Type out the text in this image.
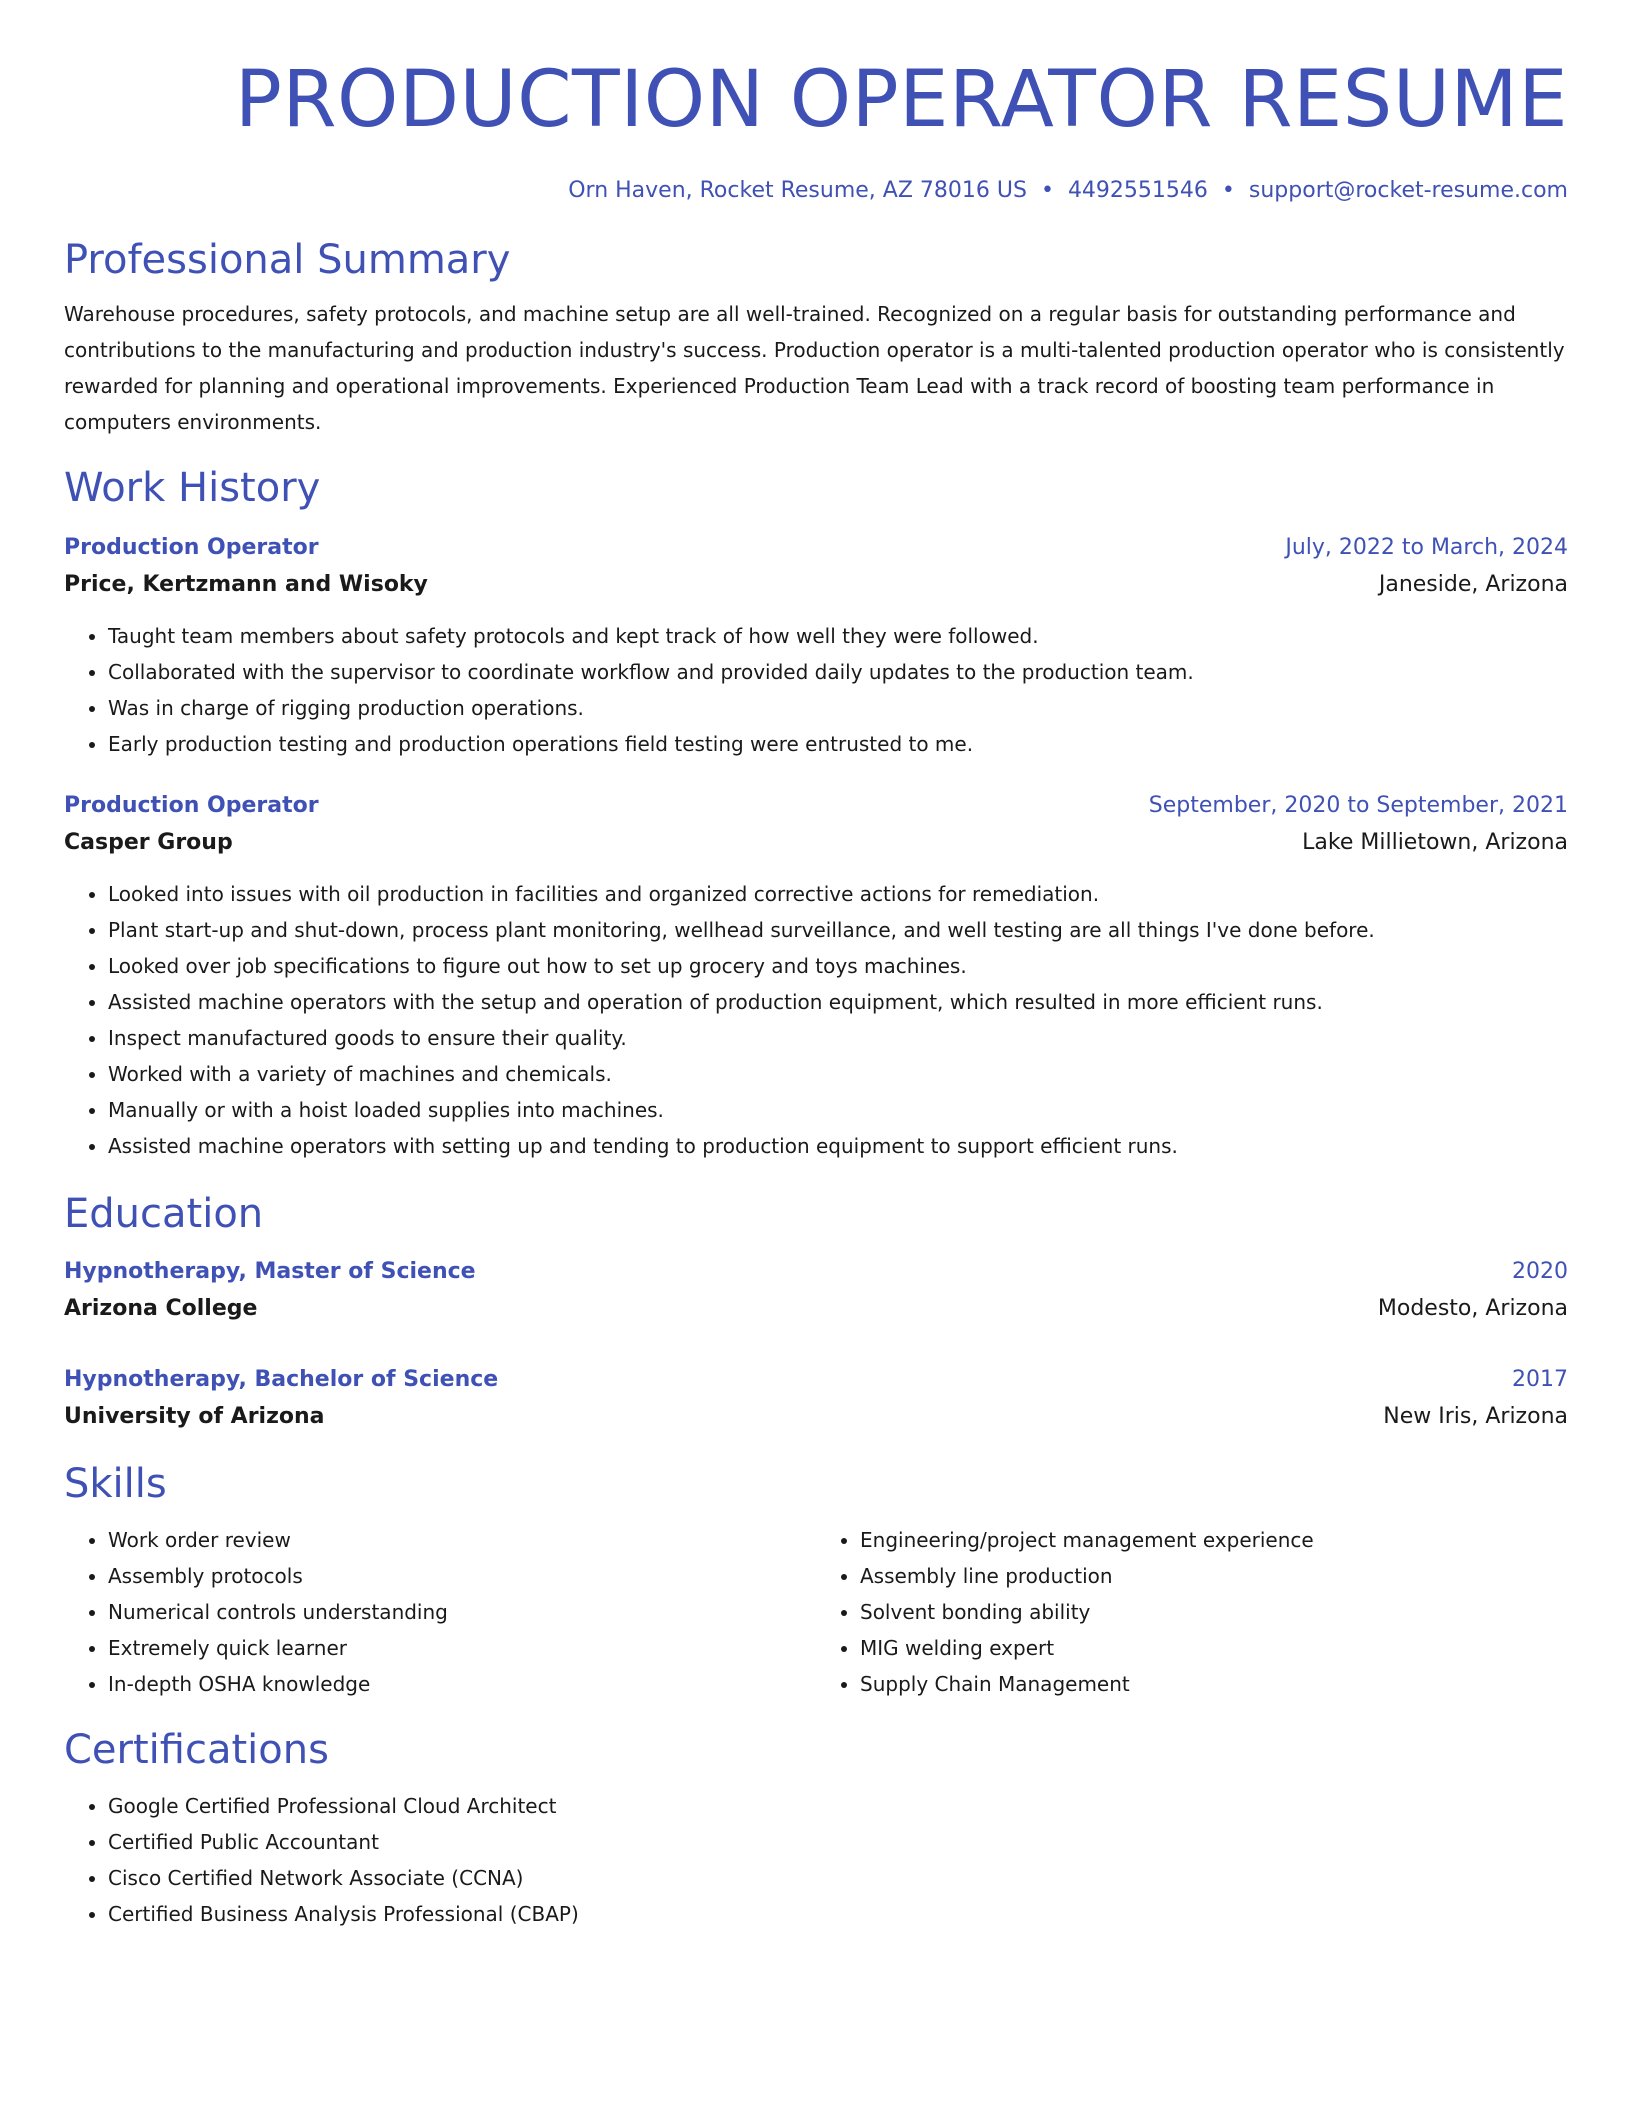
PRODUCTION OPERATOR RESUME
Orn Haven, Rocket Resume, AZ 78016 US • 4492551546 • support@rocket-resume.com
Professional Summary

Warehouse procedures, safety protocols, and machine setup are all well-trained. Recognized on a regular basis for outstanding performance and contributions to the manufacturing and production industry's success. Production operator is a multi-talented production operator who is consistently rewarded for planning and operational improvements. Experienced Production Team Lead with a track record of boosting team performance in computers environments.

Work History
Production Operator	July, 2022 to March, 2024
Price, Kertzmann and Wisoky	Janeside, Arizona
• Taught team members about safety protocols and kept track of how well they were followed.
• Collaborated with the supervisor to coordinate workflow and provided daily updates to the production team.
• Was in charge of rigging production operations.
• Early production testing and production operations field testing were entrusted to me.
Production Operator	September, 2020 to September, 2021
Casper Group	Lake Millietown, Arizona
• Looked into issues with oil production in facilities and organized corrective actions for remediation.
• Plant start-up and shut-down, process plant monitoring, wellhead surveillance, and well testing are all things I've done before.
• Looked over job specifications to figure out how to set up grocery and toys machines.
• Assisted machine operators with the setup and operation of production equipment, which resulted in more efficient runs.
• Inspect manufactured goods to ensure their quality.
• Worked with a variety of machines and chemicals.
• Manually or with a hoist loaded supplies into machines.
• Assisted machine operators with setting up and tending to production equipment to support efficient runs.
Education
Hypnotherapy, Master of Science	2020
Arizona College	Modesto, Arizona
Hypnotherapy, Bachelor of Science	2017
University of Arizona	New Iris, Arizona
Skills
• Work order review
• Assembly protocols
• Numerical controls understanding
• Extremely quick learner
• In-depth OSHA knowledge
• Engineering/project management experience
• Assembly line production
• Solvent bonding ability
• MIG welding expert
• Supply Chain Management
Certifications
• Google Certified Professional Cloud Architect
• Certified Public Accountant
• Cisco Certified Network Associate (CCNA)
• Certified Business Analysis Professional (CBAP)
